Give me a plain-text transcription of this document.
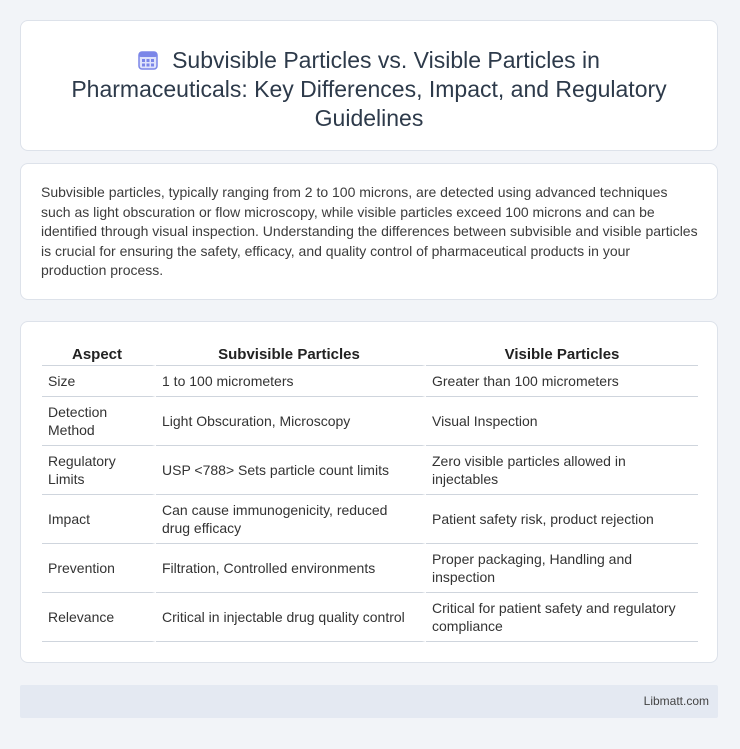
Subvisible Particles vs. Visible Particles in Pharmaceuticals: Key Differences, Impact, and Regulatory Guidelines

Subvisible particles, typically ranging from 2 to 100 microns, are detected using advanced techniques such as light obscuration or flow microscopy, while visible particles exceed 100 microns and can be identified through visual inspection. Understanding the differences between subvisible and visible particles is crucial for ensuring the safety, efficacy, and quality control of pharmaceutical products in your production process.

Aspect	Subvisible Particles	Visible Particles
Size	1 to 100 micrometers	Greater than 100 micrometers
Detection Method	Light Obscuration, Microscopy	Visual Inspection
Regulatory Limits	USP <788> Sets particle count limits	Zero visible particles allowed in injectables
Impact	Can cause immunogenicity, reduced drug efficacy	Patient safety risk, product rejection
Prevention	Filtration, Controlled environments	Proper packaging, Handling and inspection
Relevance	Critical in injectable drug quality control	Critical for patient safety and regulatory compliance
Libmatt.com
